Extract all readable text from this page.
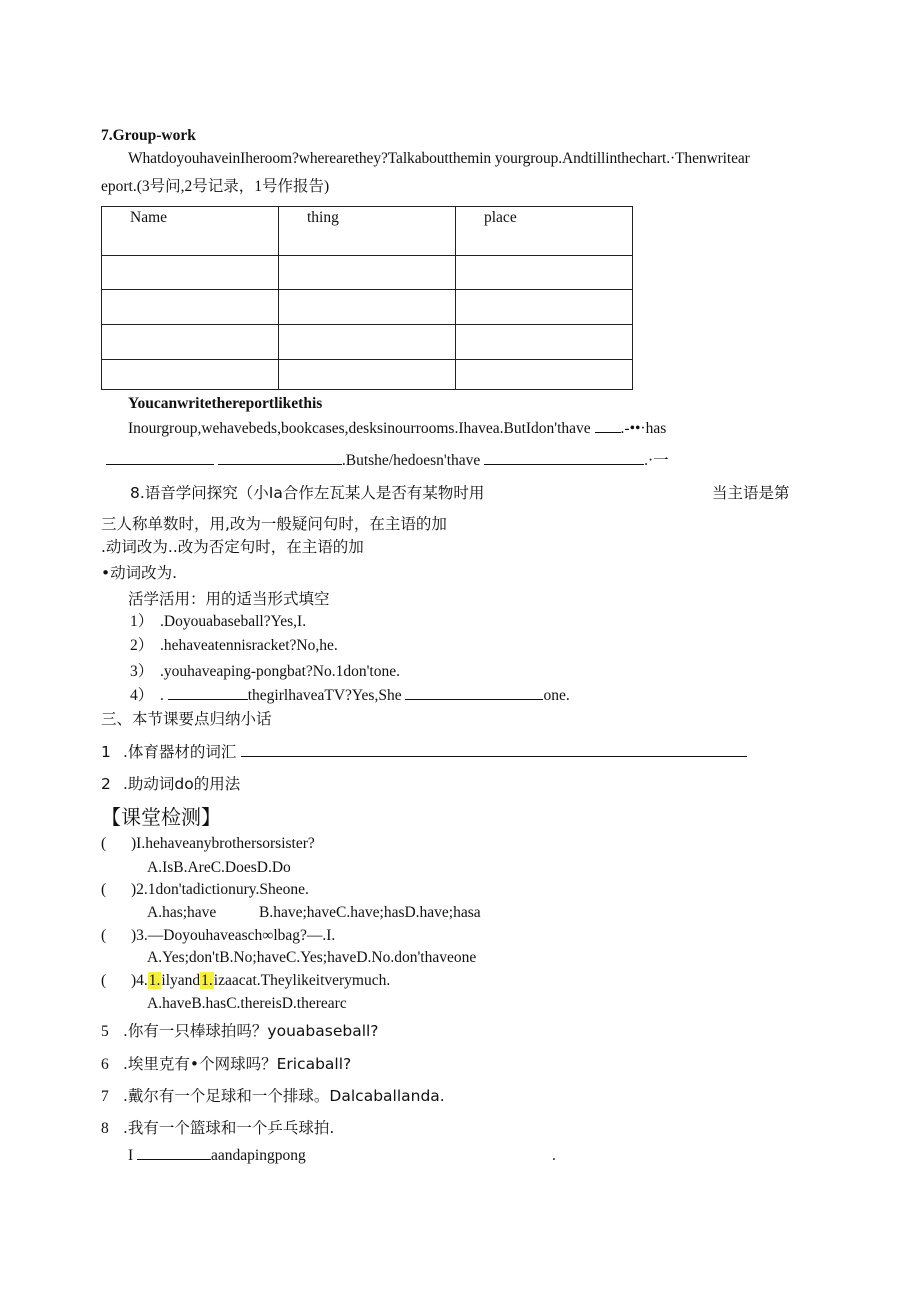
7.Group-work
WhatdoyouhaveinIheroom?wherearethey?Talkaboutthemin yourgroup.Andtillinthechart.·Thenwritear
eport.(3号问,2号记录，1号作报告)
Name	thing	place

Youcanwritethereportlikethis
Inourgroup,wehavebeds,bookcases,desksinourrooms.Ihavea.ButIdon'thave .-••·has
.Butshe/hedoesn'thave	.·一
8.语音学问探究（小Ia合作左瓦某人是否有某物时用	当主语是第
三人称单数时，用,改为一般疑问句时，在主语的加
.动词改为..改为否定句时，在主语的加
•动词改为.
活学活用：用的适当形式填空
1） .Doyouabaseball?Yes,I.
2） .hehaveatennisracket?No,he.
3） .youhaveaping-pongbat?No.1don'tone.
4） .	thegirlhaveaTV?Yes,She	one.
三、本节课要点归纳小话
1 .体育器材的词汇
2 .助动词do的用法
【课堂检测】
( )I.hehaveanybrothersorsister?
A.IsB.AreC.DoesD.Do
( )2.1don'tadictionury.Sheone.
A.has;have	B.have;haveC.have;hasD.have;hasa
( )3.—Doyouhaveasch∞lbag?—.I.
A.Yes;don'tB.No;haveC.Yes;haveD.No.don'thaveone
( )4.1.ilyand1.izaacat.Theylikeitverymuch.
A.haveB.hasC.thereisD.therearc
5 .你有一只棒球拍吗？youabaseball?
6 .埃里克有•个网球吗？Ericaball?
7 .戴尔有一个足球和一个排球。Dalcaballanda.
8 .我有一个篮球和一个乒乓球拍.
I	aandapingpong	.
